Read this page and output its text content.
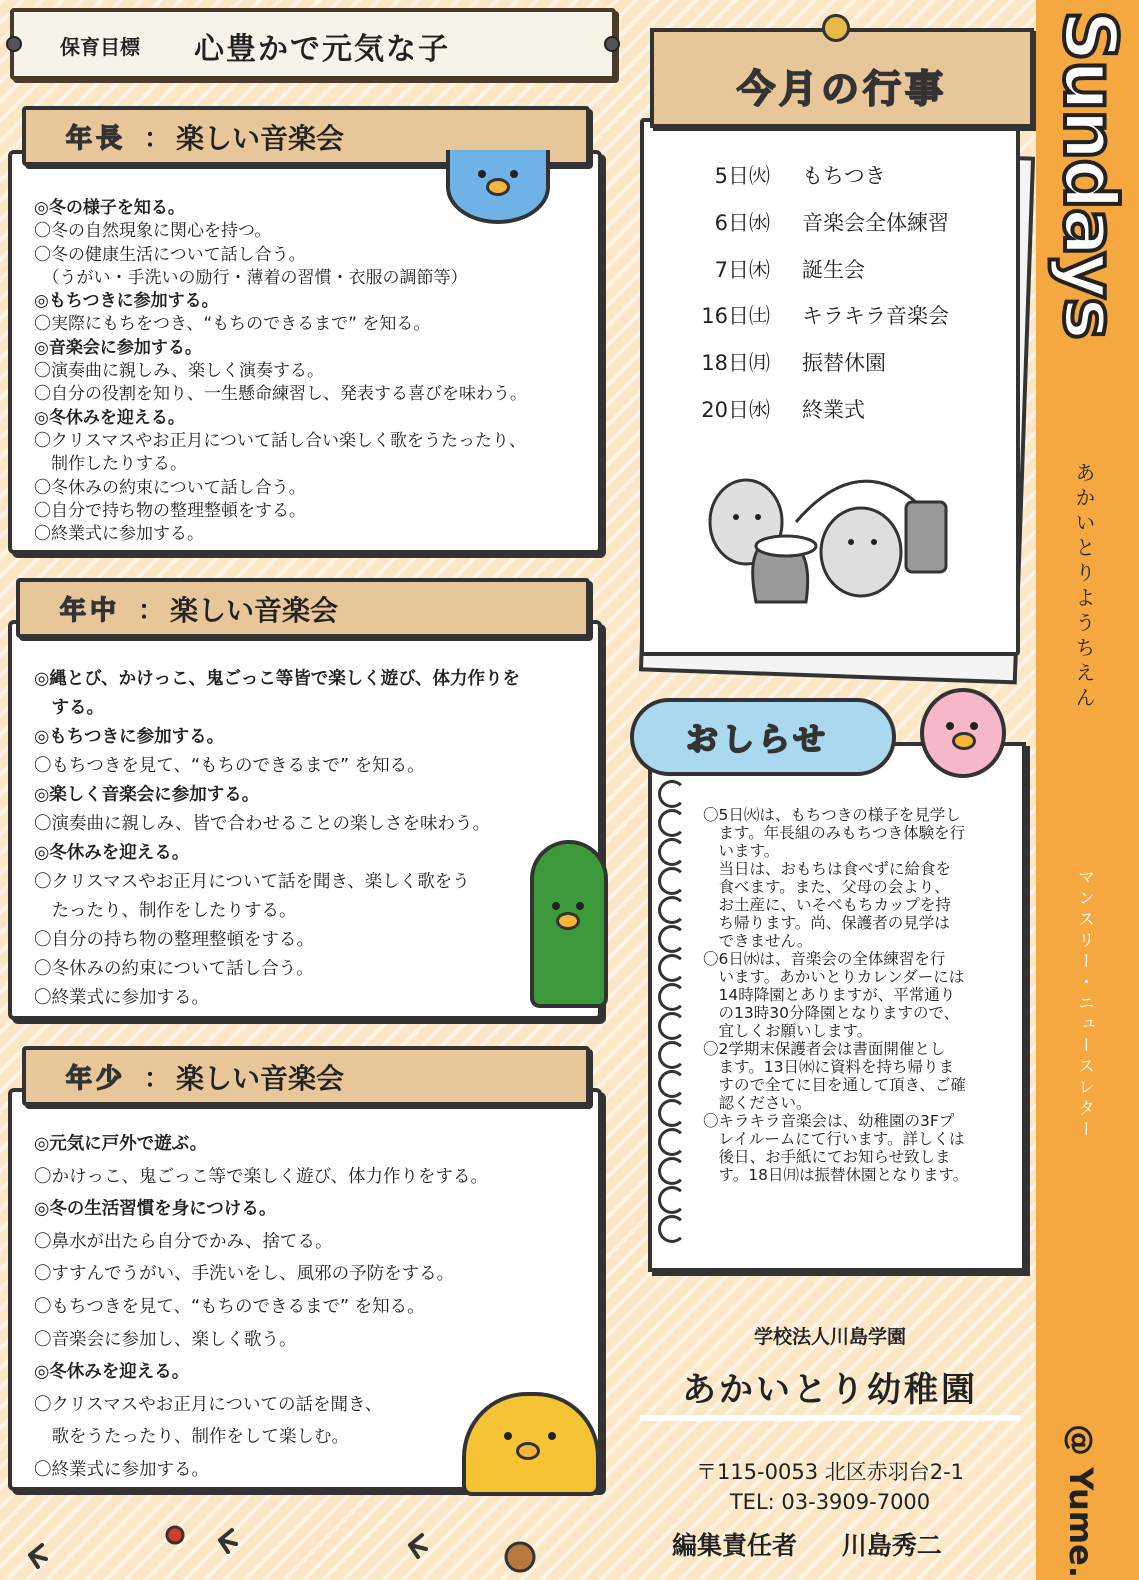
保育目標 心豊かで元気な子
年長 ： 楽しい音楽会
◎冬の様子を知る。
〇冬の自然現象に関心を持つ。
〇冬の健康生活について話し合う。
　（うがい・手洗いの励行・薄着の習慣・衣服の調節等）
◎もちつきに参加する。
〇実際にもちをつき、“もちのできるまで” を知る。
◎音楽会に参加する。
〇演奏曲に親しみ、楽しく演奏する。
〇自分の役割を知り、一生懸命練習し、発表する喜びを味わう。
◎冬休みを迎える。
〇クリスマスやお正月について話し合い楽しく歌をうたったり、
　制作したりする。
〇冬休みの約束について話し合う。
〇自分で持ち物の整理整頓をする。
〇終業式に参加する。
年中 ： 楽しい音楽会
◎縄とび、かけっこ、鬼ごっこ等皆で楽しく遊び、体力作りを
　する。
◎もちつきに参加する。
〇もちつきを見て、“もちのできるまで” を知る。
◎楽しく音楽会に参加する。
〇演奏曲に親しみ、皆で合わせることの楽しさを味わう。
◎冬休みを迎える。
〇クリスマスやお正月について話を聞き、楽しく歌をう
　たったり、制作をしたりする。
〇自分の持ち物の整理整頓をする。
〇冬休みの約束について話し合う。
〇終業式に参加する。
年少 ： 楽しい音楽会
◎元気に戸外で遊ぶ。
〇かけっこ、鬼ごっこ等で楽しく遊び、体力作りをする。
◎冬の生活習慣を身につける。
〇鼻水が出たら自分でかみ、捨てる。
〇すすんでうがい、手洗いをし、風邪の予防をする。
〇もちつきを見て、“もちのできるまで” を知る。
〇音楽会に参加し、楽しく歌う。
◎冬休みを迎える。
〇クリスマスやお正月についての話を聞き、
　歌をうたったり、制作をして楽しむ。
〇終業式に参加する。
今月の行事
5日㈫ もちつき
6日㈬ 音楽会全体練習
7日㈭ 誕生会
16日㈯ キラキラ音楽会
18日㈪ 振替休園
20日㈬ 終業式
おしらせ
〇5日㈫は、もちつきの様子を見学し
　ます。年長組のみもちつき体験を行
　います。
　当日は、おもちは食べずに給食を
　食べます。また、父母の会より、
　お土産に、いそべもちカップを持
　ち帰ります。尚、保護者の見学は
　できません。
〇6日㈬は、音楽会の全体練習を行
　います。あかいとりカレンダーには
　14時降園とありますが、平常通り
　の13時30分降園となりますので、
　宜しくお願いします。
〇2学期末保護者会は書面開催とし
　ます。13日㈬に資料を持ち帰りま
　すので全てに目を通して頂き、ご確
　認ください。
〇キラキラ音楽会は、幼稚園の3Fプ
　レイルームにて行います。詳しくは
　後日、お手紙にてお知らせ致しま
　す。18日㈪は振替休園となります。
学校法人川島学園
あかいとり幼稚園
〒115-0053 北区赤羽台2-1
TEL: 03-3909-7000
編集責任者 川島秀二
Sundays
あかいとりようちえん
マンスリー・ニュースレター
@ Yume.
